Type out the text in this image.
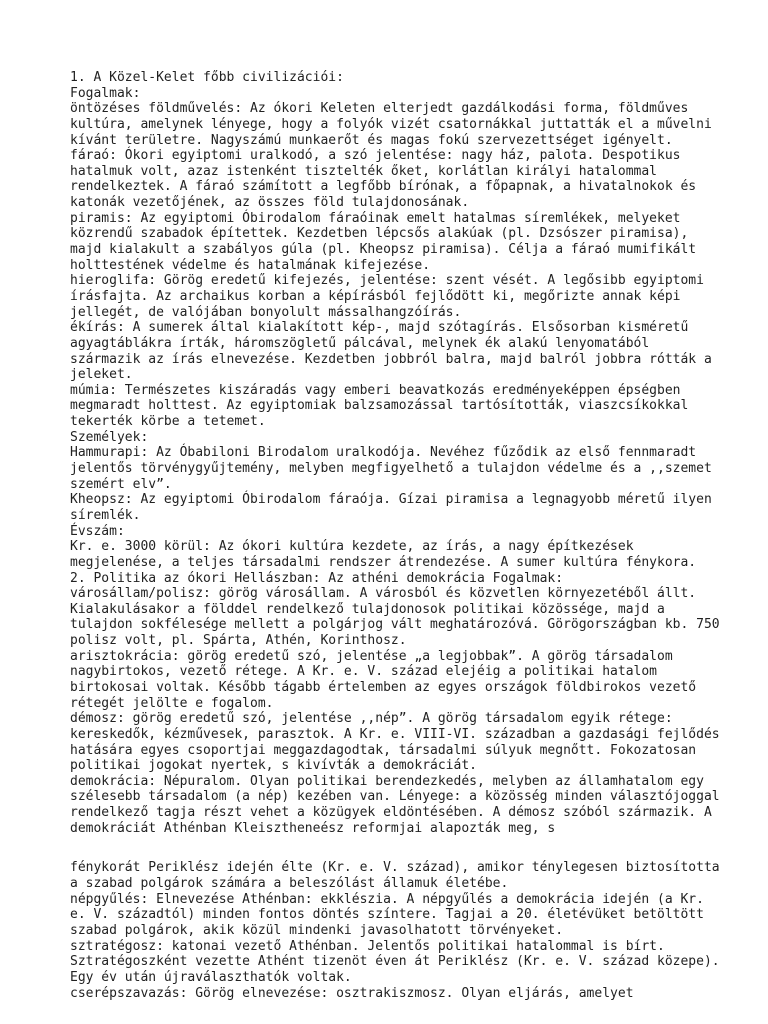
1. A Közel-Kelet főbb civilizációi:
Fogalmak:
öntözéses földművelés: Az ókori Keleten elterjedt gazdálkodási forma, földműves
kultúra, amelynek lényege, hogy a folyók vizét csatornákkal juttatták el a művelni
kívánt területre. Nagyszámú munkaerőt és magas fokú szervezettséget igényelt.
fáraó: Ókori egyiptomi uralkodó, a szó jelentése: nagy ház, palota. Despotikus
hatalmuk volt, azaz istenként tisztelték őket, korlátlan királyi hatalommal
rendelkeztek. A fáraó számított a legfőbb bírónak, a főpapnak, a hivatalnokok és
katonák vezetőjének, az összes föld tulajdonosának.
piramis: Az egyiptomi Óbirodalom fáraóinak emelt hatalmas síremlékek, melyeket
közrendű szabadok építettek. Kezdetben lépcsős alakúak (pl. Dzsószer piramisa),
majd kialakult a szabályos gúla (pl. Kheopsz piramisa). Célja a fáraó mumifikált
holttestének védelme és hatalmának kifejezése.
hieroglifa: Görög eredetű kifejezés, jelentése: szent vését. A legősibb egyiptomi
írásfajta. Az archaikus korban a képírásból fejlődött ki, megőrizte annak képi
jellegét, de valójában bonyolult mássalhangzóírás.
ékírás: A sumerek által kialakított kép-, majd szótagírás. Elsősorban kisméretű
agyagtáblákra írták, háromszögletű pálcával, melynek ék alakú lenyomatából
származik az írás elnevezése. Kezdetben jobbról balra, majd balról jobbra rótták a
jeleket.
múmia: Természetes kiszáradás vagy emberi beavatkozás eredményeképpen épségben
megmaradt holttest. Az egyiptomiak balzsamozással tartósították, viaszcsíkokkal
tekerték körbe a tetemet.
Személyek:
Hammurapi: Az Óbabiloni Birodalom uralkodója. Nevéhez fűződik az első fennmaradt
jelentős törvénygyűjtemény, melyben megfigyelhető a tulajdon védelme és a ,,szemet
szemért elv”.
Kheopsz: Az egyiptomi Óbirodalom fáraója. Gízai piramisa a legnagyobb méretű ilyen
síremlék.
Évszám:
Kr. e. 3000 körül: Az ókori kultúra kezdete, az írás, a nagy építkezések
megjelenése, a teljes társadalmi rendszer átrendezése. A sumer kultúra fénykora.
2. Politika az ókori Hellászban: Az athéni demokrácia Fogalmak:
városállam/polisz: görög városállam. A városból és közvetlen környezetéből állt.
Kialakulásakor a földdel rendelkező tulajdonosok politikai közössége, majd a
tulajdon sokfélesége mellett a polgárjog vált meghatározóvá. Görögországban kb. 750
polisz volt, pl. Spárta, Athén, Korinthosz.
arisztokrácia: görög eredetű szó, jelentése „a legjobbak”. A görög társadalom
nagybirtokos, vezető rétege. A Kr. e. V. század elejéig a politikai hatalom
birtokosai voltak. Később tágabb értelemben az egyes országok földbirokos vezető
rétegét jelölte e fogalom.
démosz: görög eredetű szó, jelentése ,,nép”. A görög társadalom egyik rétege:
kereskedők, kézművesek, parasztok. A Kr. e. VIII-VI. században a gazdasági fejlődés
hatására egyes csoportjai meggazdagodtak, társadalmi súlyuk megnőtt. Fokozatosan
politikai jogokat nyertek, s kivívták a demokráciát.
demokrácia: Népuralom. Olyan politikai berendezkedés, melyben az államhatalom egy
szélesebb társadalom (a nép) kezében van. Lényege: a közösség minden választójoggal
rendelkező tagja részt vehet a közügyek eldöntésében. A démosz szóból származik. A
demokráciát Athénban Kleisztheneész reformjai alapozták meg, s
fénykorát Periklész idején élte (Kr. e. V. század), amikor ténylegesen biztosította
a szabad polgárok számára a beleszólást államuk életébe.
népgyűlés: Elnevezése Athénban: ekklészia. A népgyűlés a demokrácia idején (a Kr.
e. V. századtól) minden fontos döntés színtere. Tagjai a 20. életévüket betöltött
szabad polgárok, akik közül mindenki javasolhatott törvényeket.
sztratégosz: katonai vezető Athénban. Jelentős politikai hatalommal is bírt.
Sztratégoszként vezette Athént tizenöt éven át Periklész (Kr. e. V. század közepe).
Egy év után újraválaszthatók voltak.
cserépszavazás: Görög elnevezése: osztrakiszmosz. Olyan eljárás, amelyet
